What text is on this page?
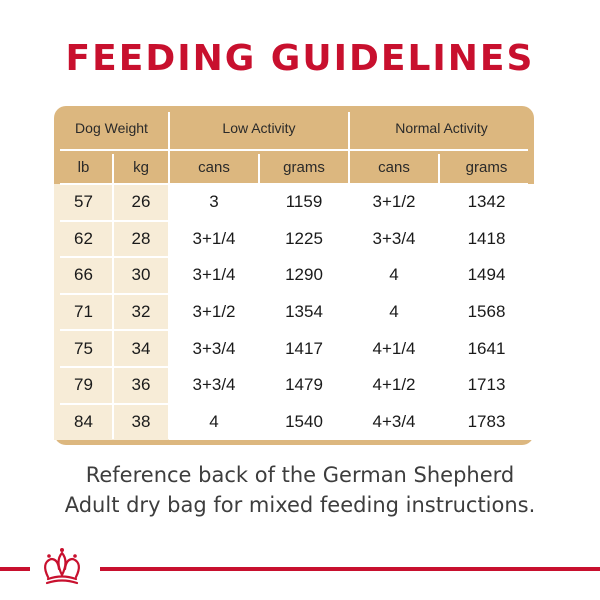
FEEDING GUIDELINES
Dog Weight	Low Activity	Normal Activity
lb	kg	cans	grams	cans	grams
57	26	3	1159	3+1/2	1342
62	28	3+1/4	1225	3+3/4	1418
66	30	3+1/4	1290	4	1494
71	32	3+1/2	1354	4	1568
75	34	3+3/4	1417	4+1/4	1641
79	36	3+3/4	1479	4+1/2	1713
84	38	4	1540	4+3/4	1783
Reference back of the German Shepherd
Adult dry bag for mixed feeding instructions.
